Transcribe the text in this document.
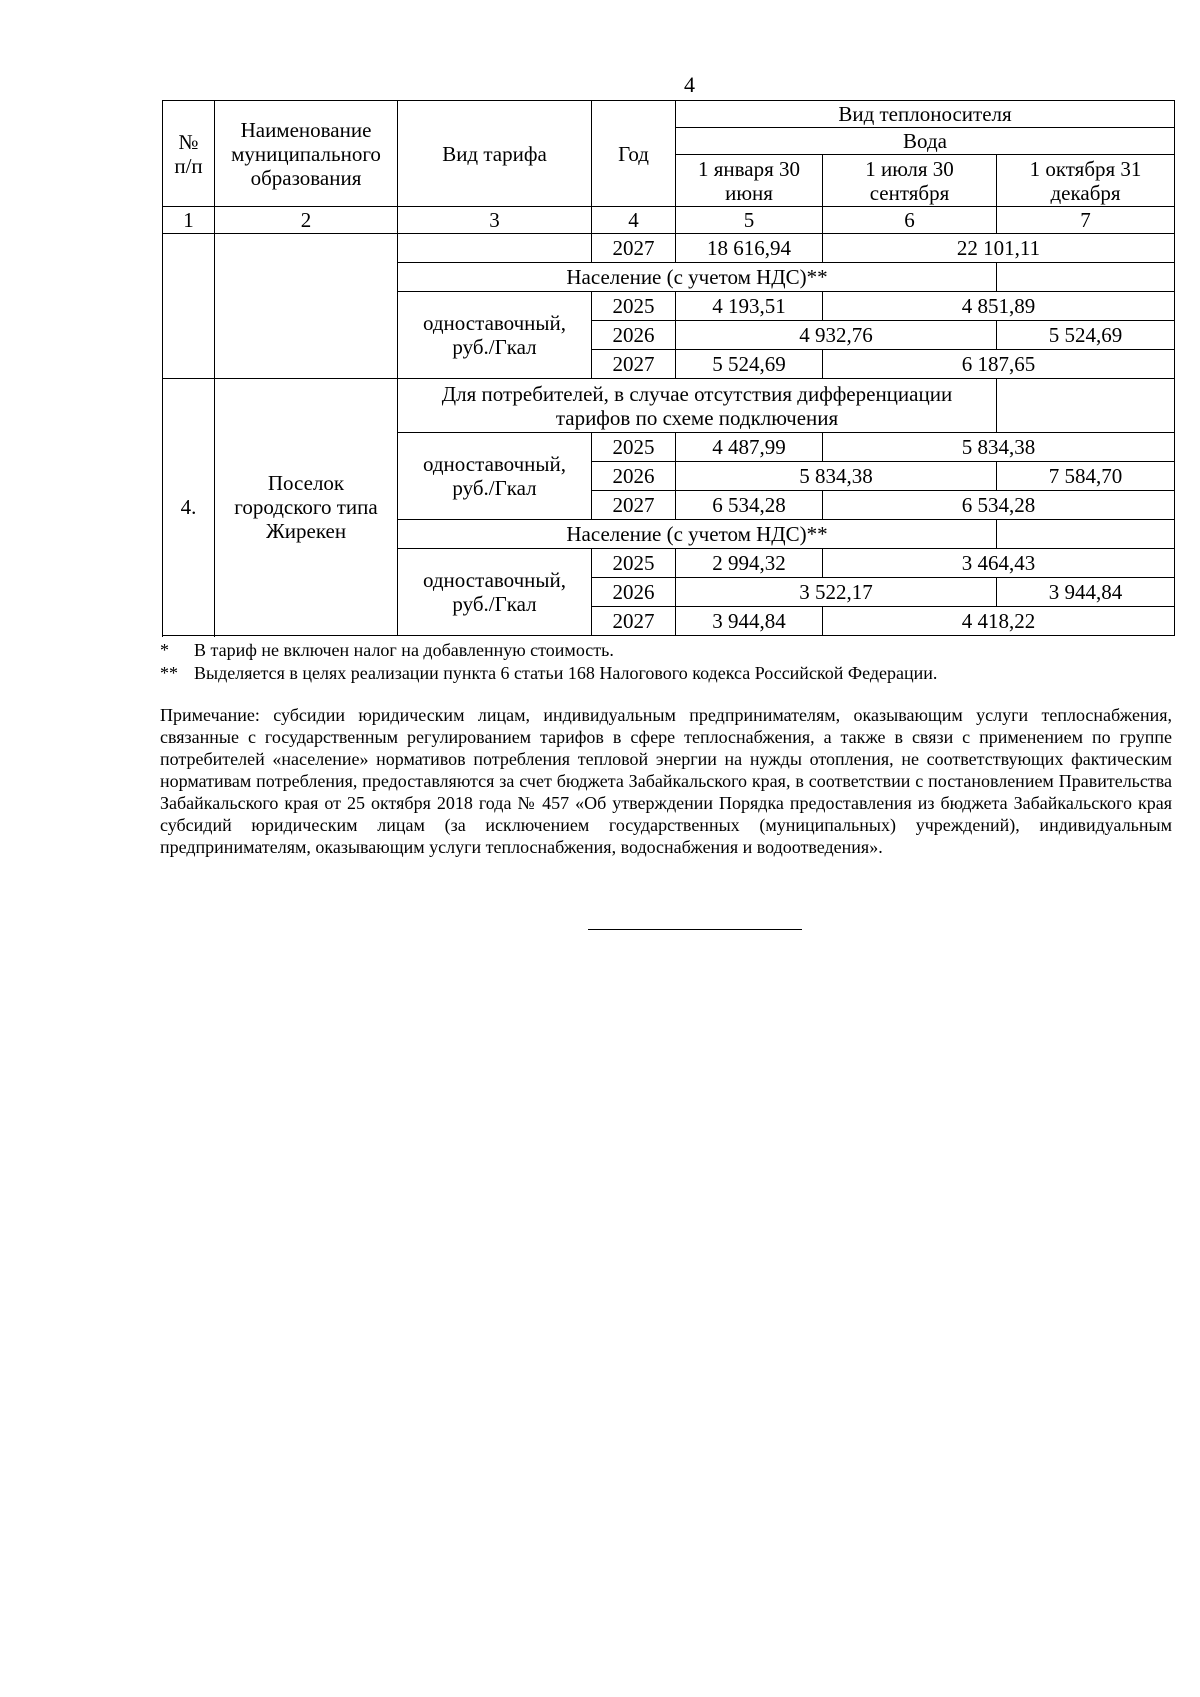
4
№ п/п	Наименование муниципального образования	Вид тарифа	Год	Вид теплоносителя		
				Вода		
				1 января 30 июня	1 июля 30 сентября	1 октября 31 декабря

1	2	3	4	5	6	7
			2027	18 616,94	22 101,11	
		Население (с учетом НДС)**				
		одноставочный, руб./Гкал	2025	4 193,51	4 851,89	
			2026	4 932,76		5 524,69
			2027	5 524,69	6 187,65	

4.	Поселок городского типа Жирекен	Для потребителей, в случае отсутствия дифференциации тарифов по схеме подключения				
		одноставочный, руб./Гкал	2025	4 487,99	5 834,38	
			2026	5 834,38		7 584,70
			2027	6 534,28	6 534,28	
		Население (с учетом НДС)**				
		одноставочный, руб./Гкал	2025	2 994,32	3 464,43	
			2026	3 522,17		3 944,84
			2027	3 944,84	4 418,22	

*	В тариф не включен налог на добавленную стоимость.
** Выделяется в целях реализации пункта 6 статьи 168 Налогового кодекса Российской Федерации.
Примечание: субсидии юридическим лицам, индивидуальным предпринимателям, оказывающим услуги теплоснабжения, связанные с государственным регулированием тарифов в сфере теплоснабжения, а также в связи с применением по группе потребителей «население» нормативов потребления тепловой энергии на нужды отопления, не соответствующих фактическим нормативам потребления, предоставляются за счет бюджета Забайкальского края, в соответствии с постановлением Правительства Забайкальского края от 25 октября 2018 года № 457 «Об утверждении Порядка предоставления из бюджета Забайкальского края субсидий юридическим лицам (за исключением государственных (муниципальных) учреждений), индивидуальным предпринимателям, оказывающим услуги теплоснабжения, водоснабжения и водоотведения».
